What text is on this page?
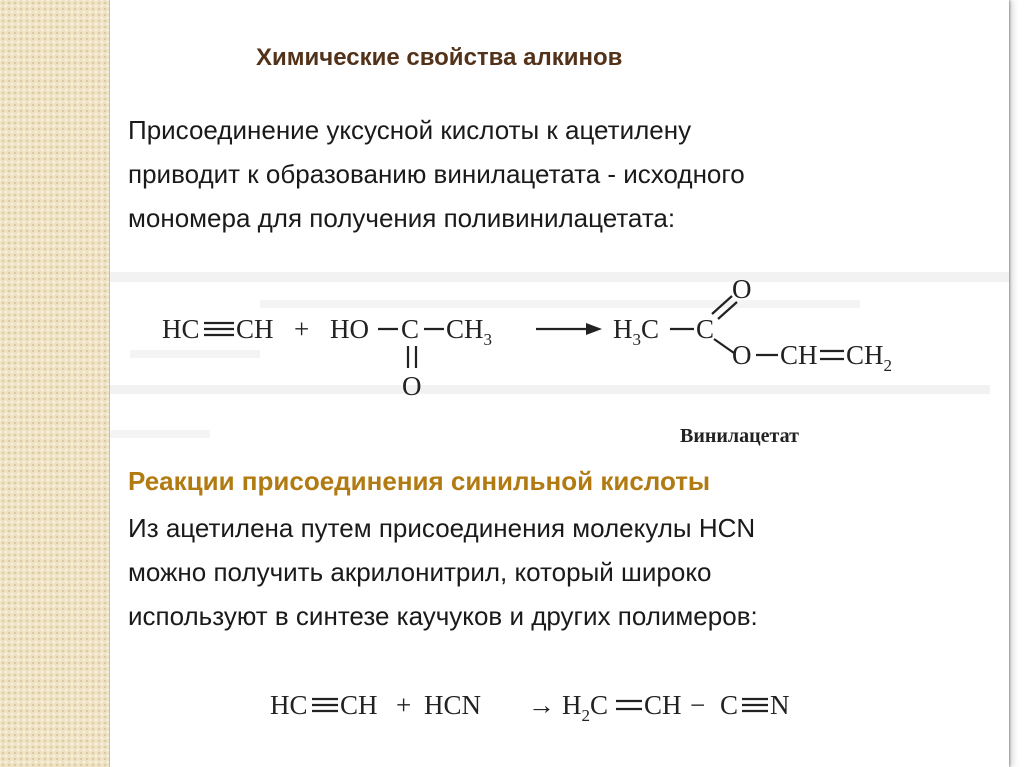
Химические свойства алкинов

Присоединение уксусной кислоты к ацетилену
приводит к образованию винилацетата - исходного
мономера для получения поливинилацетата:

HC CH + HO C $CH_3$
O
$H_3C$ C
O
O CH $CH_2$
Винилацетат
Реакции присоединения синильной кислоты

Из ацетилена путем присоединения молекулы HCN
можно получить акрилонитрил, который широко
используют в синтезе каучуков и других полимеров:

HC CH + HCN → $H_2C$ CH − C N
